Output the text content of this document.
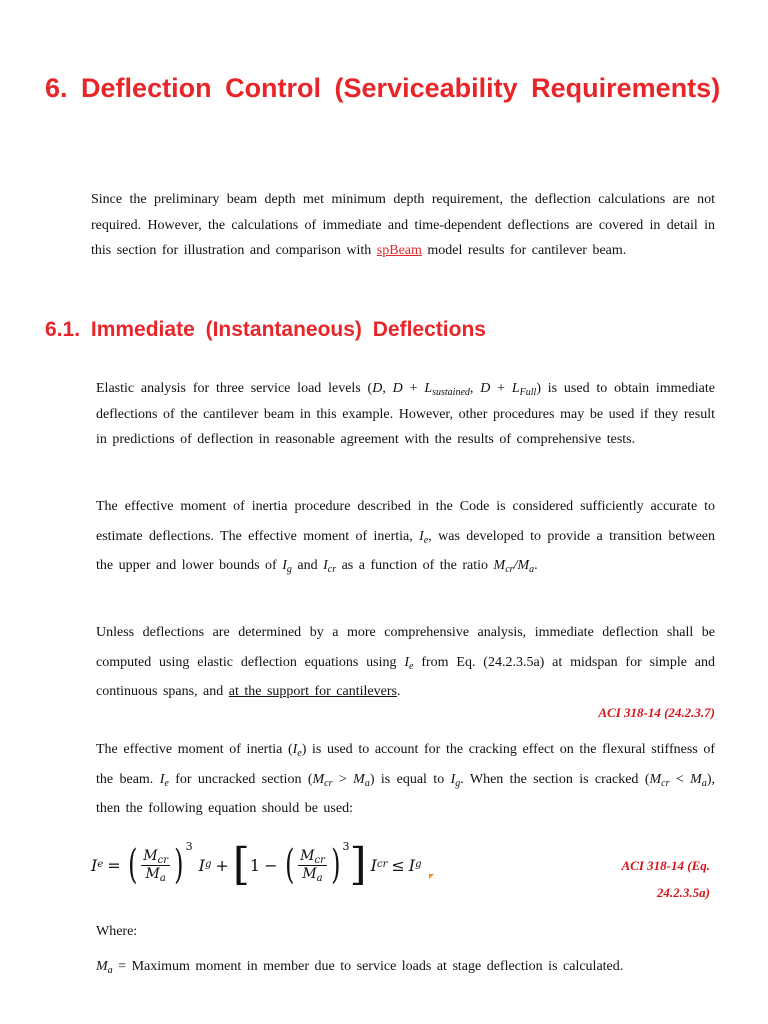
6. Deflection Control (Serviceability Requirements)

Since the preliminary beam depth met minimum depth requirement, the deflection calculations are not required. However, the calculations of immediate and time-dependent deflections are covered in detail in this section for illustration and comparison with spBeam model results for cantilever beam.

6.1. Immediate (Instantaneous) Deflections

Elastic analysis for three service load levels (D, $D + L_{sustained}$, $D + L_{Full}$) is used to obtain immediate deflections of the cantilever beam in this example. However, other procedures may be used if they result in predictions of deflection in reasonable agreement with the results of comprehensive tests.

The effective moment of inertia procedure described in the Code is considered sufficiently accurate to estimate deflections. The effective moment of inertia, $I_e$, was developed to provide a transition between the upper and lower bounds of $I_g$ and $I_{cr}$ as a function of the ratio $M_{cr}/M_a$.

Unless deflections are determined by a more comprehensive analysis, immediate deflection shall be computed using elastic deflection equations using $I_e$ from Eq. (24.2.3.5a) at midspan for simple and continuous spans, and at the support for cantilevers.

ACI 318-14 (24.2.3.7)

The effective moment of inertia $(I_e)$ is used to account for the cracking effect on the flexural stiffness of the beam. $I_e$ for uncracked section $(M_{cr} > M_a)$ is equal to $I_g$. When the section is cracked $(M_{cr} < M_a)$, then the following equation should be used:

I e = ( $\frac{M_{cr}}{M_a}$ ) 3
I g + [ 1 − ( $\frac{M_{cr}}{M_a}$ ) 3 ] I cr ≤ I g	ACI 318-14 (Eq.
24.2.3.5a)

Where:

$M_a$ = Maximum moment in member due to service loads at stage deflection is calculated.
